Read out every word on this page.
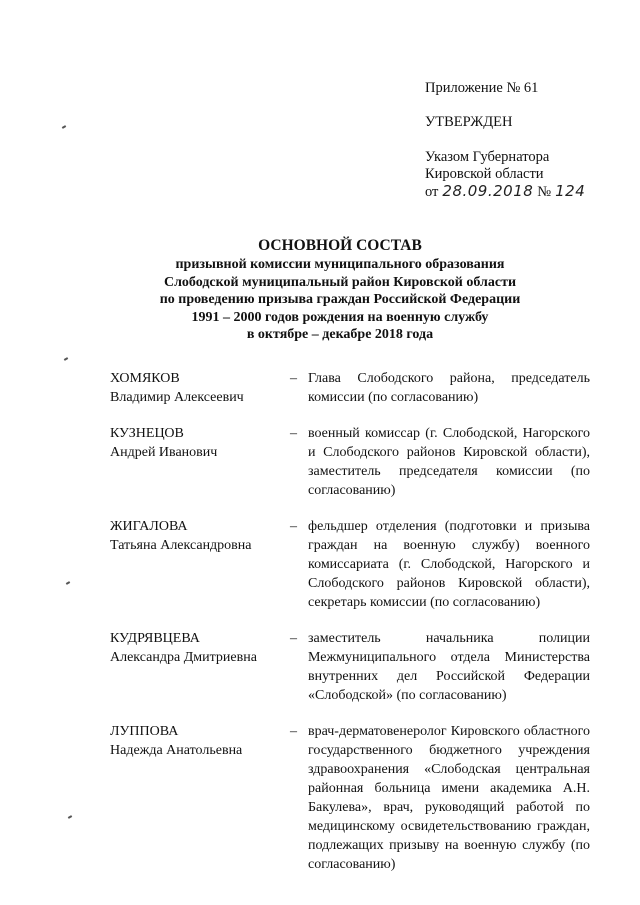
Приложение № 61
УТВЕРЖДЕН
Указом Губернатора
Кировской области
от 28.09.2018 № 124
ОСНОВНОЙ СОСТАВ
призывной комиссии муниципального образования
Слободской муниципальный район Кировской области
по проведению призыва граждан Российской Федерации
1991 – 2000 годов рождения на военную службу
в октябре – декабре 2018 года
ХОМЯКОВ
Владимир Алексеевич
– Глава Слободского района, председатель комиссии (по согласованию)
КУЗНЕЦОВ
Андрей Иванович
– военный комиссар (г. Слободской, Нагорского и Слободского районов Кировской области), заместитель председателя комиссии (по согласованию)
ЖИГАЛОВА
Татьяна Александровна
– фельдшер отделения (подготовки и призыва граждан на военную службу) военного комиссариата (г. Слободской, Нагорского и Слободского районов Кировской области), секретарь комиссии (по согласованию)
КУДРЯВЦЕВА
Александра Дмитриевна
– заместитель начальника полиции Межмуниципального отдела Министерства внутренних дел Российской Федерации «Слободской» (по согласованию)
ЛУППОВА
Надежда Анатольевна
– врач-дерматовенеролог Кировского областного государственного бюджетного учреждения здравоохранения «Слободская центральная районная больница имени академика А.Н. Бакулева», врач, руководящий работой по медицинскому освидетельствованию граждан, подлежащих призыву на военную службу (по согласованию)
